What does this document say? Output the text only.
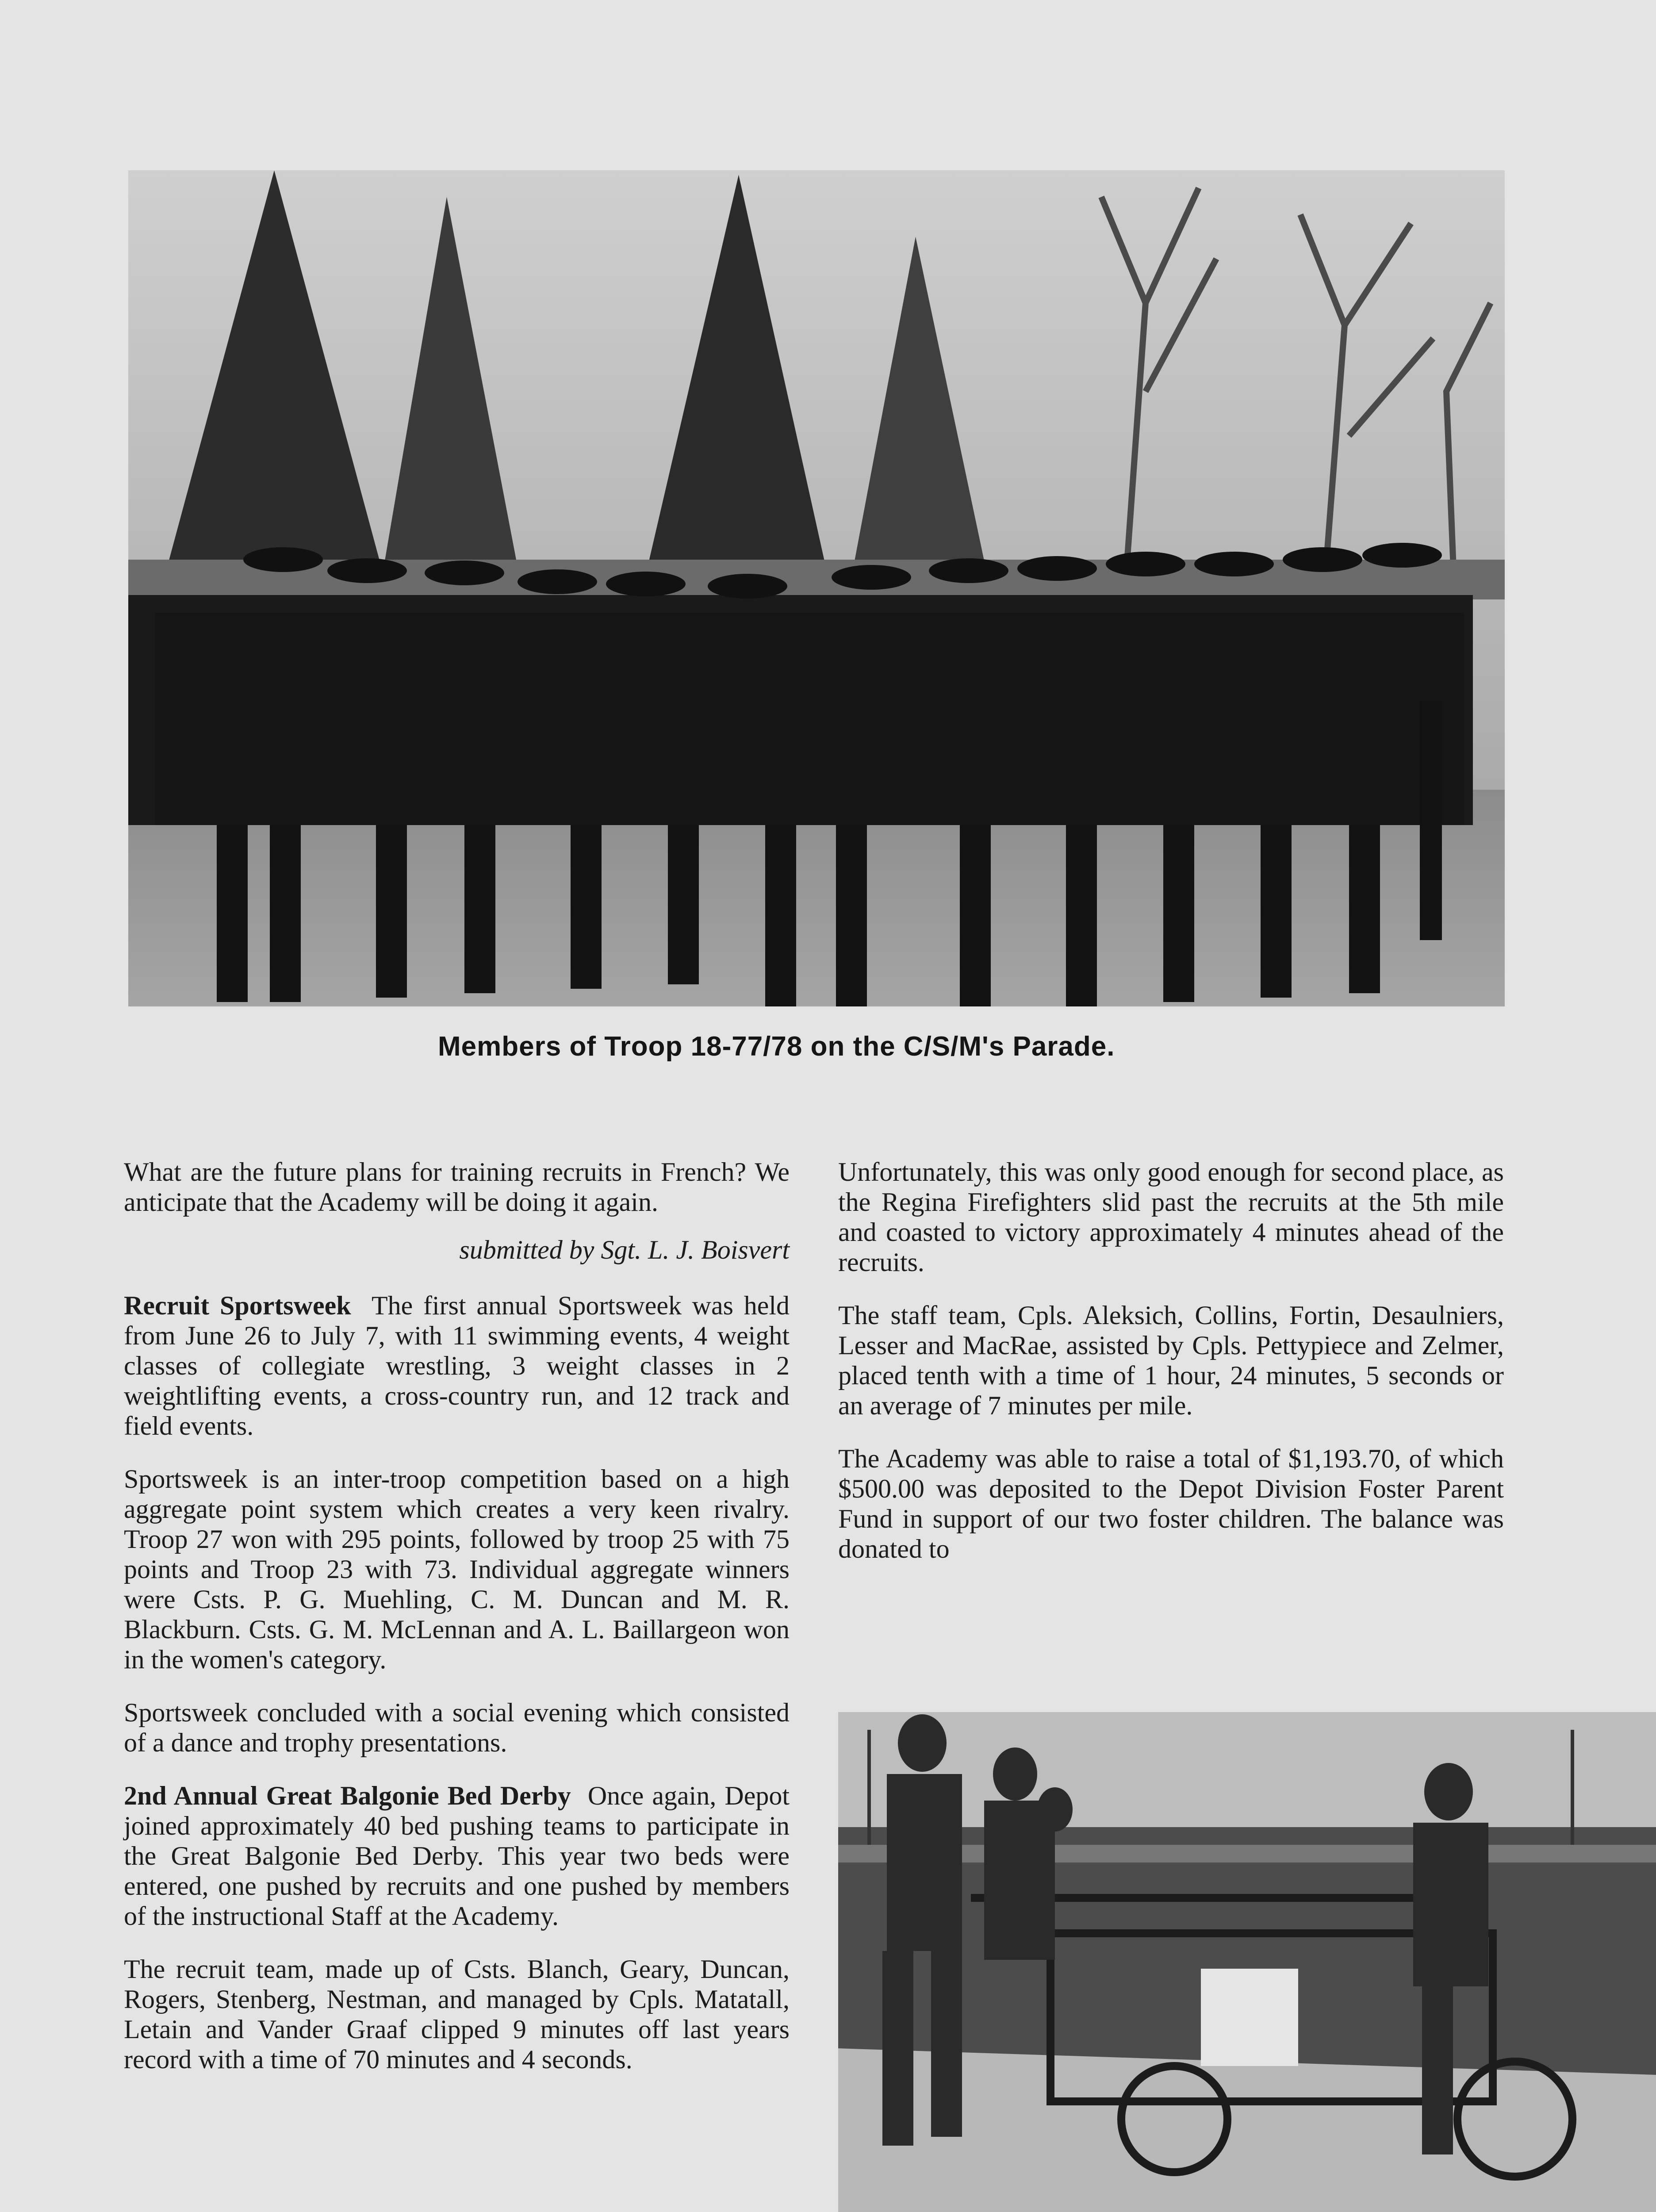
Members of Troop 18-77/78 on the C/S/M's Parade.

What are the future plans for training recruits in French? We anticipate that the Academy will be doing it again.

submitted by Sgt. L. J. Boisvert

Recruit Sportsweek The first annual Sportsweek was held from June 26 to July 7, with 11 swimming events, 4 weight classes of collegiate wrestling, 3 weight classes in 2 weightlifting events, a cross-country run, and 12 track and field events.

Sportsweek is an inter-troop competition based on a high aggregate point system which creates a very keen rivalry. Troop 27 won with 295 points, followed by troop 25 with 75 points and Troop 23 with 73. Individual aggregate winners were Csts. P. G. Muehling, C. M. Duncan and M. R. Blackburn. Csts. G. M. McLennan and A. L. Baillargeon won in the women's category.

Sportsweek concluded with a social evening which consisted of a dance and trophy presentations.

2nd Annual Great Balgonie Bed Derby Once again, Depot joined approximately 40 bed pushing teams to participate in the Great Balgonie Bed Derby. This year two beds were entered, one pushed by recruits and one pushed by members of the instructional Staff at the Academy.

The recruit team, made up of Csts. Blanch, Geary, Duncan, Rogers, Stenberg, Nestman, and managed by Cpls. Matatall, Letain and Vander Graaf clipped 9 minutes off last years record with a time of 70 minutes and 4 seconds.

Unfortunately, this was only good enough for second place, as the Regina Firefighters slid past the recruits at the 5th mile and coasted to victory approximately 4 minutes ahead of the recruits.

The staff team, Cpls. Aleksich, Collins, Fortin, Desaulniers, Lesser and MacRae, assisted by Cpls. Pettypiece and Zelmer, placed tenth with a time of 1 hour, 24 minutes, 5 seconds or an average of 7 minutes per mile.

The Academy was able to raise a total of $1,193.70, of which $500.00 was deposited to the Depot Division Foster Parent Fund in support of our two foster children. The balance was donated to
